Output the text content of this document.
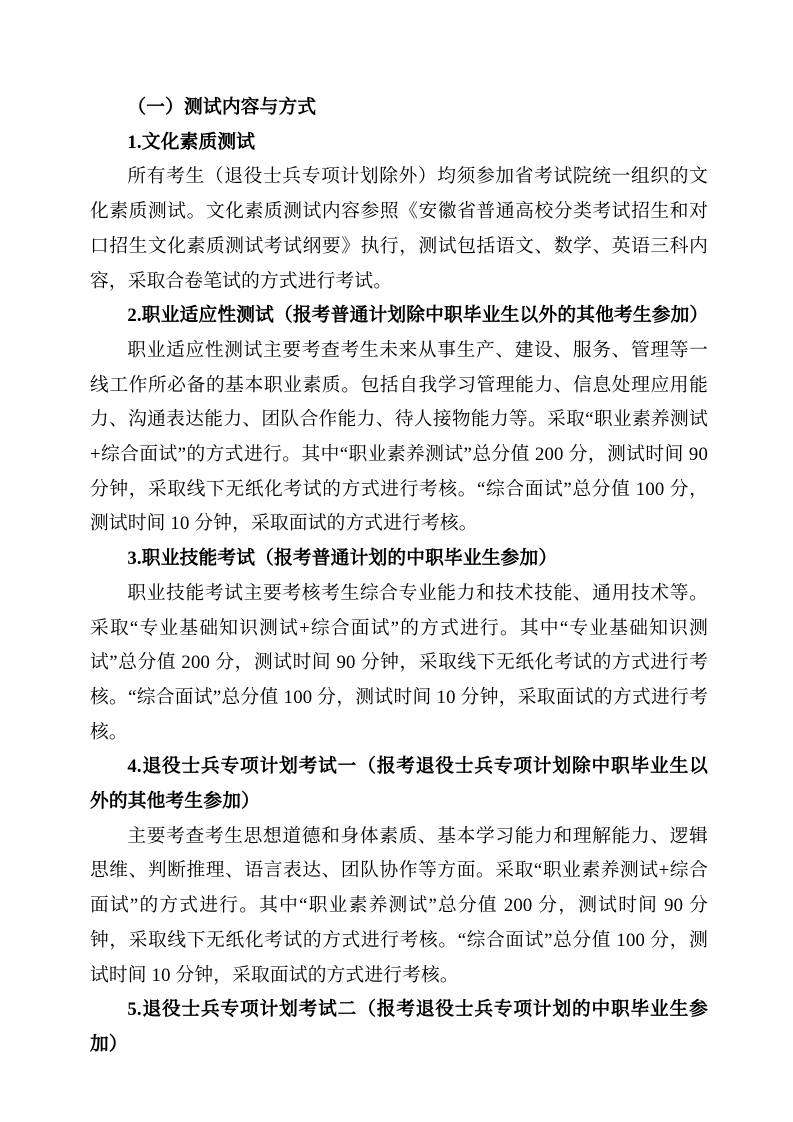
（一）测试内容与方式
1.文化素质测试

所有考生（退役士兵专项计划除外）均须参加省考试院统一组织的文化素质测试。文化素质测试内容参照《安徽省普通高校分类考试招生和对口招生文化素质测试考试纲要》执行，测试包括语文、数学、英语三科内容，采取合卷笔试的方式进行考试。

2.职业适应性测试（报考普通计划除中职毕业生以外的其他考生参加）

职业适应性测试主要考查考生未来从事生产、建设、服务、管理等一线工作所必备的基本职业素质。包括自我学习管理能力、信息处理应用能力、沟通表达能力、团队合作能力、待人接物能力等。采取“职业素养测试+综合面试”的方式进行。其中“职业素养测试”总分值 200 分，测试时间 90 分钟，采取线下无纸化考试的方式进行考核。“综合面试”总分值 100 分，测试时间 10 分钟，采取面试的方式进行考核。

3.职业技能考试（报考普通计划的中职毕业生参加）

职业技能考试主要考核考生综合专业能力和技术技能、通用技术等。采取“专业基础知识测试+综合面试”的方式进行。其中“专业基础知识测试”总分值 200 分，测试时间 90 分钟，采取线下无纸化考试的方式进行考核。“综合面试”总分值 100 分，测试时间 10 分钟，采取面试的方式进行考核。

4.退役士兵专项计划考试一（报考退役士兵专项计划除中职毕业生以外的其他考生参加）

主要考查考生思想道德和身体素质、基本学习能力和理解能力、逻辑思维、判断推理、语言表达、团队协作等方面。采取“职业素养测试+综合面试”的方式进行。其中“职业素养测试”总分值 200 分，测试时间 90 分钟，采取线下无纸化考试的方式进行考核。“综合面试”总分值 100 分，测试时间 10 分钟，采取面试的方式进行考核。

5.退役士兵专项计划考试二（报考退役士兵专项计划的中职毕业生参加）
